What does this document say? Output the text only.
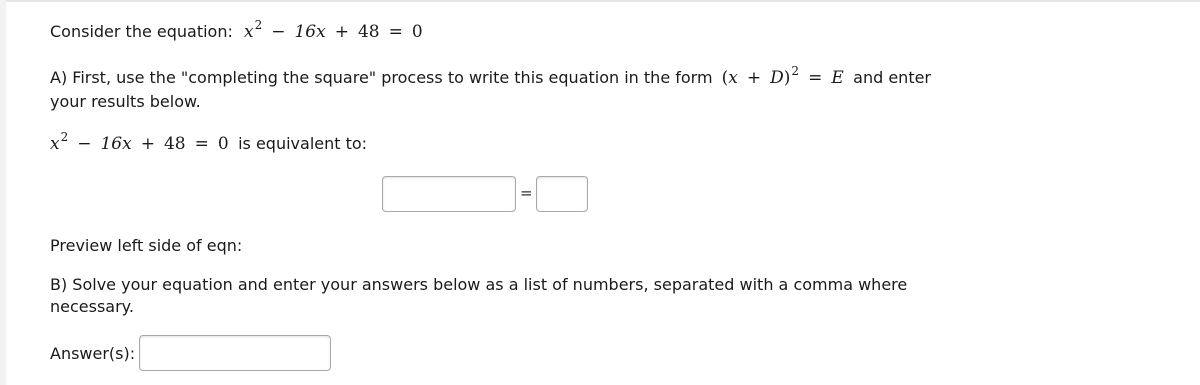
Consider the equation: $x^2 - 16x + 48 = 0$
A) First, use the "completing the square" process to write this equation in the form $(x + D)^2 = E$ and enter
your results below.
$x^2 - 16x + 48 = 0$ is equivalent to:
=
Preview left side of eqn:
B) Solve your equation and enter your answers below as a list of numbers, separated with a comma where
necessary.
Answer(s):
